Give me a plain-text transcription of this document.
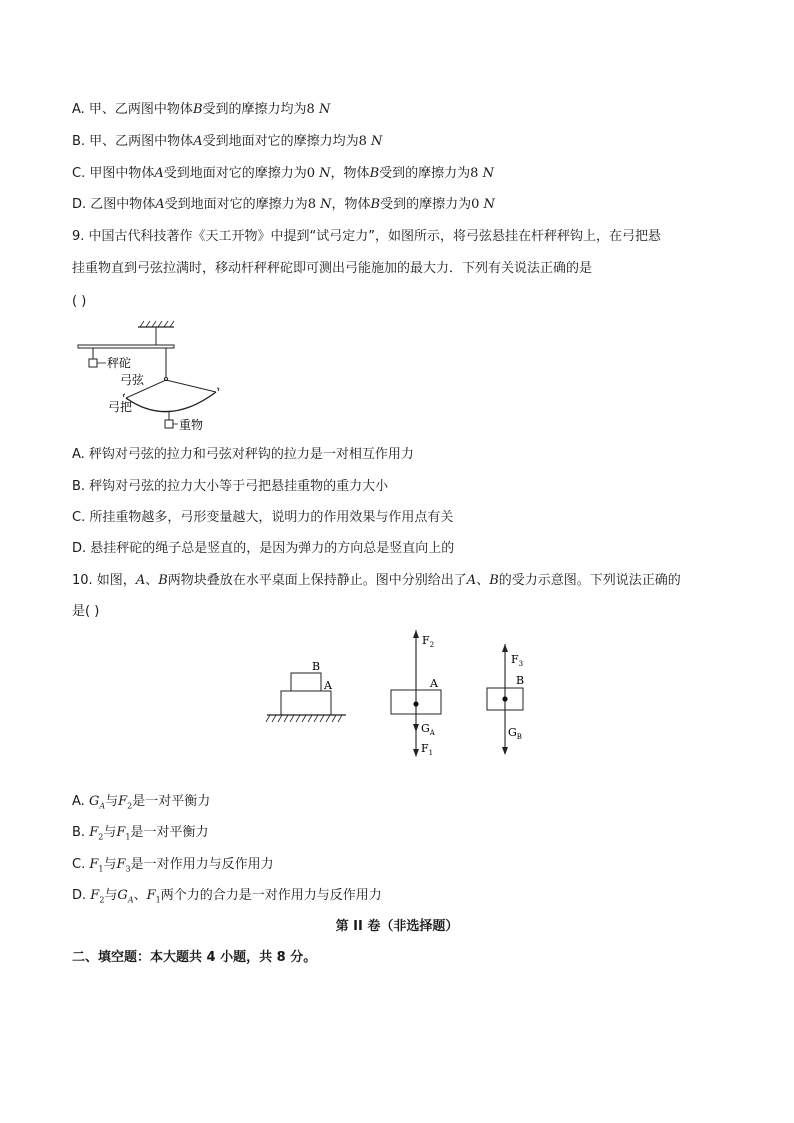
A. 甲、乙两图中物体B受到的摩擦力均为8 N
B. 甲、乙两图中物体A受到地面对它的摩擦力均为8 N
C. 甲图中物体A受到地面对它的摩擦力为0 N，物体B受到的摩擦力为8 N
D. 乙图中物体A受到地面对它的摩擦力为8 N，物体B受到的摩擦力为0 N
9. 中国古代科技著作《天工开物》中提到“试弓定力”，如图所示，将弓弦悬挂在杆秤秤钩上，在弓把悬
挂重物直到弓弦拉满时，移动杆秤秤砣即可测出弓能施加的最大力．下列有关说法正确的是
( )
秤砣
弓弦
弓把
重物
A. 秤钩对弓弦的拉力和弓弦对秤钩的拉力是一对相互作用力
B. 秤钩对弓弦的拉力大小等于弓把悬挂重物的重力大小
C. 所挂重物越多，弓形变量越大，说明力的作用效果与作用点有关
D. 悬挂秤砣的绳子总是竖直的，是因为弹力的方向总是竖直向上的
10. 如图，A、B两物块叠放在水平桌面上保持静止。图中分别给出了A、B的受力示意图。下列说法正确的
是( )
B
A
$F_2$
A
$G_A$
$F_1$
$F_3$
B
$G_B$
A. $G_A$与$F_2$是一对平衡力
B. $F_2$与$F_1$是一对平衡力
C. $F_1$与$F_3$是一对作用力与反作用力
D. $F_2$与$G_A$、$F_1$两个力的合力是一对作用力与反作用力
第 II 卷（非选择题）
二、填空题：本大题共 4 小题，共 8 分。
